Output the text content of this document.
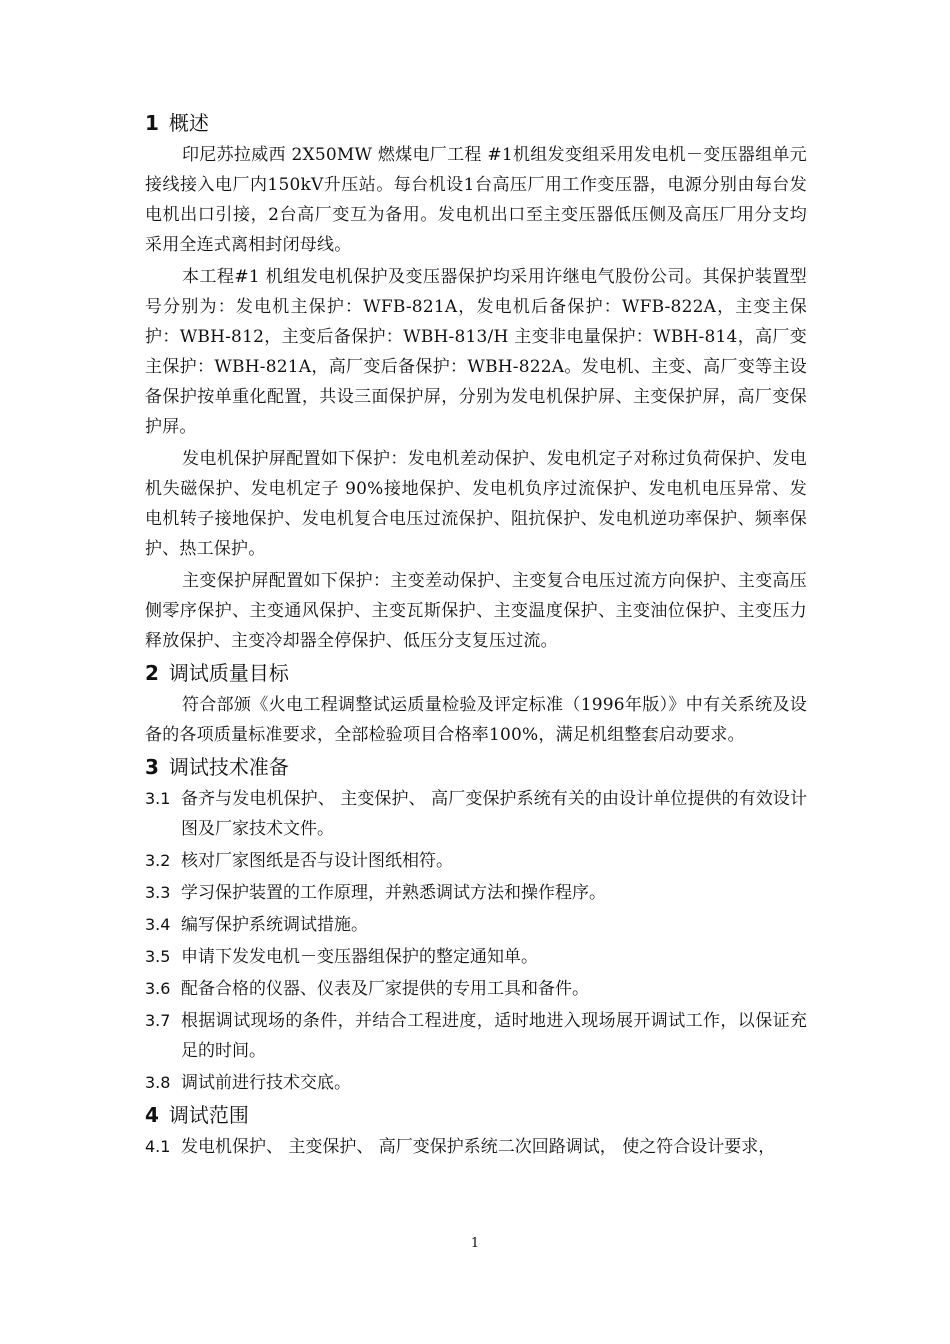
1 概述

印尼苏拉威西 2X50MW 燃煤电厂工程 #1机组发变组采用发电机－变压器组单元接线接入电厂内150kV升压站。每台机设1台高压厂用工作变压器，电源分别由每台发电机出口引接，2台高厂变互为备用。发电机出口至主变压器低压侧及高压厂用分支均采用全连式离相封闭母线。

本工程#1 机组发电机保护及变压器保护均采用许继电气股份公司。其保护装置型号分别为：发电机主保护：WFB-821A，发电机后备保护：WFB-822A，主变主保护：WBH-812，主变后备保护：WBH-813/H 主变非电量保护：WBH-814，高厂变主保护：WBH-821A，高厂变后备保护：WBH-822A。发电机、主变、高厂变等主设备保护按单重化配置，共设三面保护屏，分别为发电机保护屏、主变保护屏，高厂变保护屏。

发电机保护屏配置如下保护：发电机差动保护、发电机定子对称过负荷保护、发电机失磁保护、发电机定子 90%接地保护、发电机负序过流保护、发电机电压异常、发电机转子接地保护、发电机复合电压过流保护、阻抗保护、发电机逆功率保护、频率保护、热工保护。

主变保护屏配置如下保护：主变差动保护、主变复合电压过流方向保护、主变高压侧零序保护、主变通风保护、主变瓦斯保护、主变温度保护、主变油位保护、主变压力释放保护、主变冷却器全停保护、低压分支复压过流。

2 调试质量目标

符合部颁《火电工程调整试运质量检验及评定标准（1996年版）》中有关系统及设备的各项质量标准要求，全部检验项目合格率100%，满足机组整套启动要求。

3 调试技术准备
3.1 备齐与发电机保护、 主变保护、 高厂变保护系统有关的由设计单位提供的有效设计图及厂家技术文件。
3.2 核对厂家图纸是否与设计图纸相符。
3.3 学习保护装置的工作原理，并熟悉调试方法和操作程序。
3.4 编写保护系统调试措施。
3.5 申请下发发电机－变压器组保护的整定通知单。
3.6 配备合格的仪器、仪表及厂家提供的专用工具和备件。
3.7 根据调试现场的条件，并结合工程进度，适时地进入现场展开调试工作，以保证充足的时间。
3.8 调试前进行技术交底。
4 调试范围
4.1 发电机保护、 主变保护、 高厂变保护系统二次回路调试， 使之符合设计要求，
1
